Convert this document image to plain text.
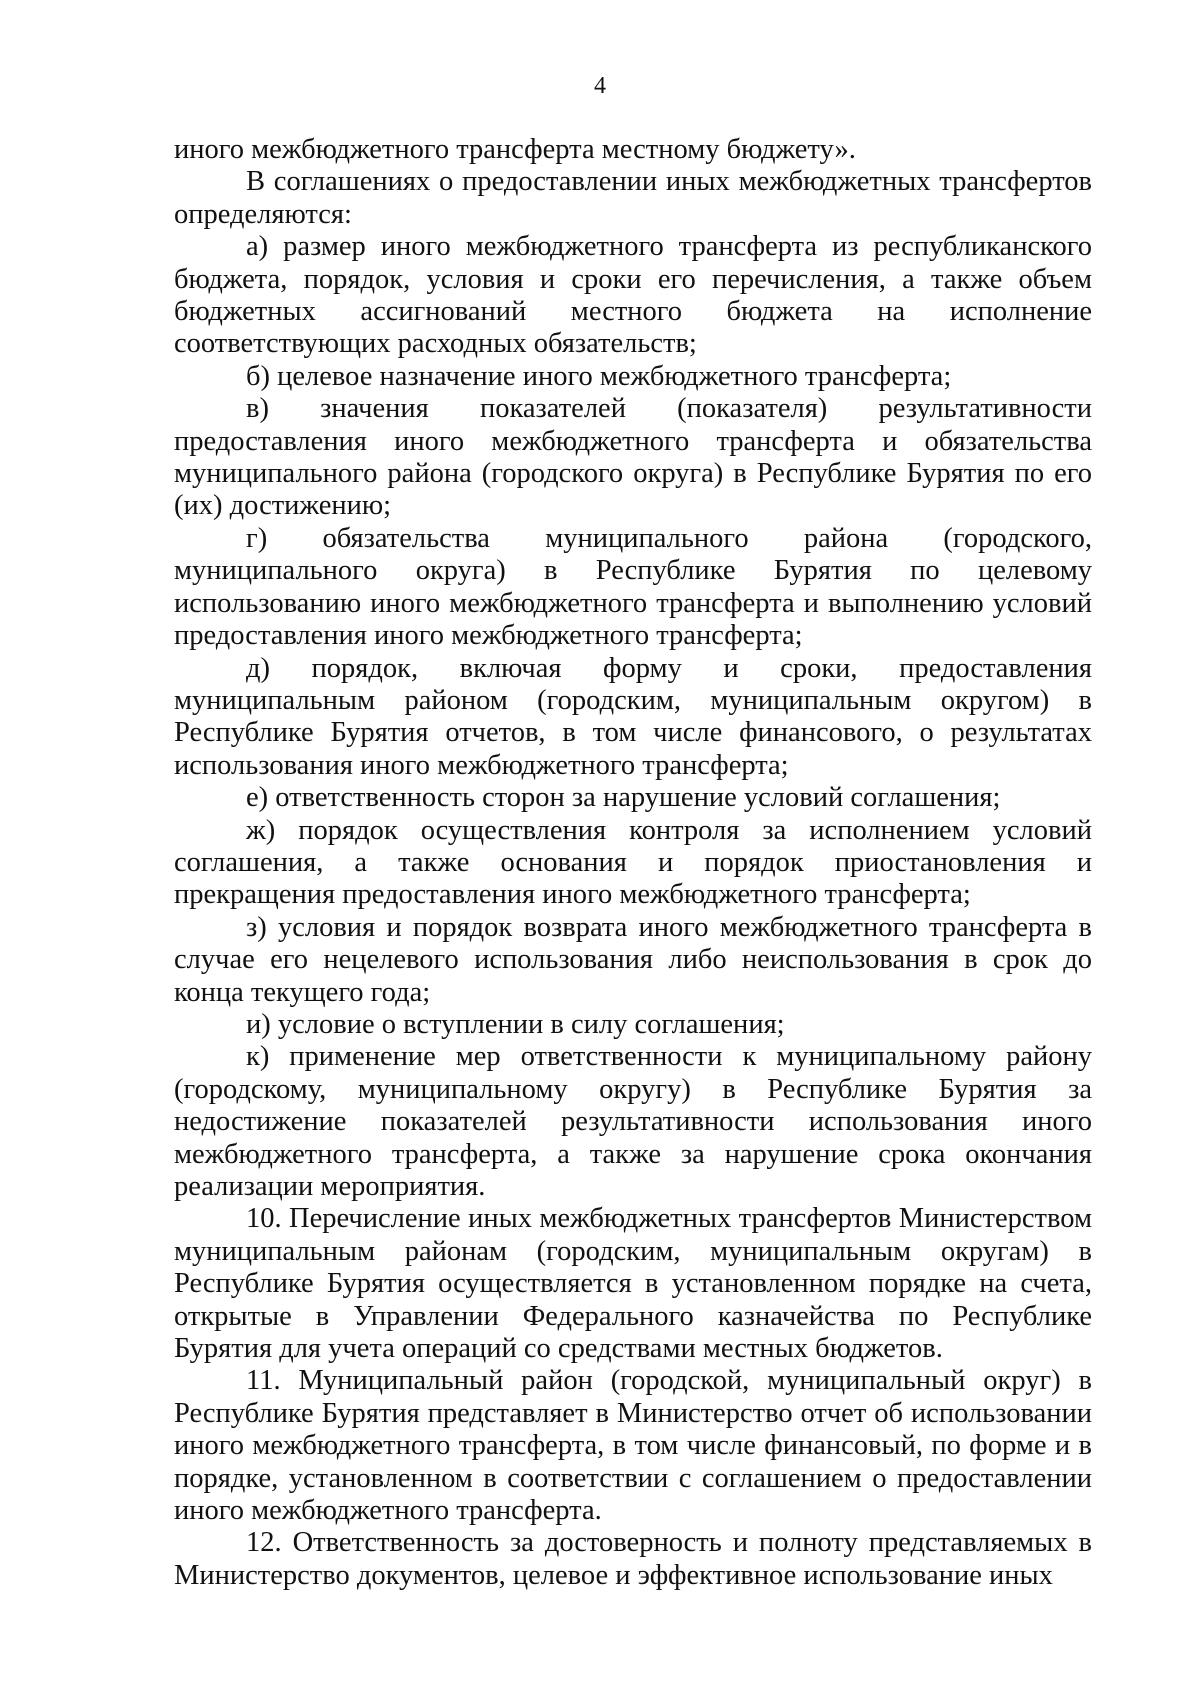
4

иного межбюджетного трансферта местному бюджету».

В соглашениях о предоставлении иных межбюджетных трансфертов определяются:

а) размер иного межбюджетного трансферта из республиканского бюджета, порядок, условия и сроки его перечисления, а также объем бюджетных ассигнований местного бюджета на исполнение соответствующих расходных обязательств;

б) целевое назначение иного межбюджетного трансферта;

в) значения показателей (показателя) результативности предоставления иного межбюджетного трансферта и обязательства муниципального района (городского округа) в Республике Бурятия по его (их) достижению;

г) обязательства муниципального района (городского, муниципального округа) в Республике Бурятия по целевому использованию иного межбюджетного трансферта и выполнению условий предоставления иного межбюджетного трансферта;

д) порядок, включая форму и сроки, предоставления муниципальным районом (городским, муниципальным округом) в Республике Бурятия отчетов, в том числе финансового, о результатах использования иного межбюджетного трансферта;

е) ответственность сторон за нарушение условий соглашения;

ж) порядок осуществления контроля за исполнением условий соглашения, а также основания и порядок приостановления и прекращения предоставления иного межбюджетного трансферта;

з) условия и порядок возврата иного межбюджетного трансферта в случае его нецелевого использования либо неиспользования в срок до конца текущего года;

и) условие о вступлении в силу соглашения;

к) применение мер ответственности к муниципальному району (городскому, муниципальному округу) в Республике Бурятия за недостижение показателей результативности использования иного межбюджетного трансферта, а также за нарушение срока окончания реализации мероприятия.

10. Перечисление иных межбюджетных трансфертов Министерством муниципальным районам (городским, муниципальным округам) в Республике Бурятия осуществляется в установленном порядке на счета, открытые в Управлении Федерального казначейства по Республике Бурятия для учета операций со средствами местных бюджетов.

11. Муниципальный район (городской, муниципальный округ) в Республике Бурятия представляет в Министерство отчет об использовании иного межбюджетного трансферта, в том числе финансовый, по форме и в порядке, установленном в соответствии с соглашением о предоставлении иного межбюджетного трансферта.

12. Ответственность за достоверность и полноту представляемых в Министерство документов, целевое и эффективное использование иных
